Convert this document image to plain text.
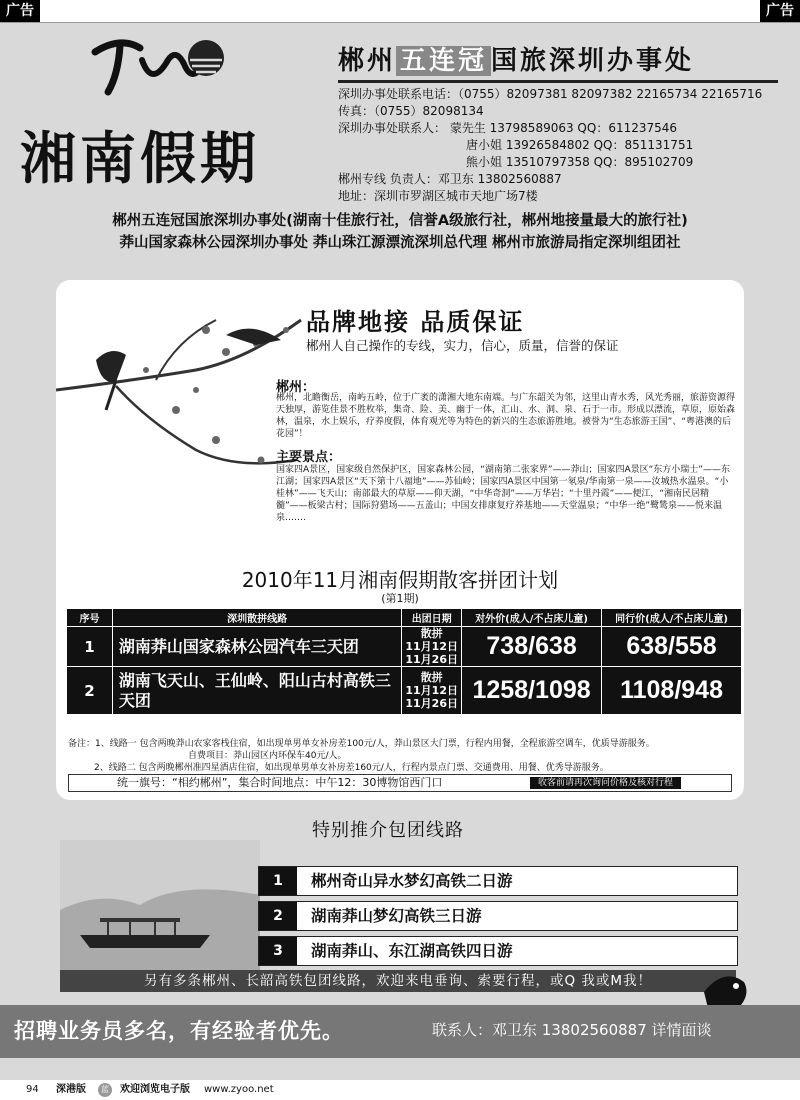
广告	广告
湘南假期
郴州 五连冠 国旅深圳办事处
深圳办事处联系电话：（0755）82097381 82097382 22165734 22165716
传真：（0755）82098134
深圳办事处联系人： 蒙先生 13798589063 QQ：611237546
唐小姐 13926584802 QQ：851131751
熊小姐 13510797358 QQ：895102709
郴州专线 负责人：邓卫东 13802560887
地址：深圳市罗湖区城市天地广场7楼
郴州五连冠国旅深圳办事处(湖南十佳旅行社，信誉A级旅行社，郴州地接量最大的旅行社)
莽山国家森林公园深圳办事处 莽山珠江源漂流深圳总代理 郴州市旅游局指定深圳组团社
品牌地接 品质保证
郴州人自己操作的专线，实力，信心，质量，信誉的保证
郴州：
郴州，北瞻衡岳，南屿五岭，位于广袤的潇湘大地东南端。与广东韶关为邻，这里山青水秀，风光秀丽，旅游资源得天独厚，游览佳景不胜枚举，集奇、险、美、幽于一体，汇山、水、洞、泉、石于一市。形成以漂流，草原，原始森林，温泉，水上娱乐，疗养度假，体育观光等为特色的新兴的生态旅游胜地。被誉为“生态旅游王国”、“粤港澳的后花园”！
主要景点：
国家四A景区，国家级自然保护区，国家森林公园，“湖南第二张家界”——莽山；国家四A景区“东方小瑞士”——东江湖；国家四A景区“天下第十八福地”——苏仙岭；国家四A景区中国第一氡泉/华南第一泉——汝城热水温泉。“小桂林”——飞天山；南部最大的草原——仰天湖，“中华奇洞”——万华岩；“十里丹霞”——便江，“湘南民居精髓”——板梁古村；国际狩猎场——五盖山；中国女排康复疗养基地——天堂温泉；“中华一绝”鹭鸶泉——悦来温泉…….
2010年11月湘南假期散客拼团计划
(第1期)
序号	深圳散拼线路	出团日期	对外价(成人/不占床儿童)	同行价(成人/不占床儿童)
1	湖南莽山国家森林公园汽车三天团	散拼
11月12日
11月26日	738/638	638/558
2	湖南飞天山、王仙岭、阳山古村高铁三天团	散拼
11月12日
11月26日	1258/1098	1108/948
备注：1、线路一 包含两晚莽山农家客栈住宿，如出现单男单女补房差100元/人，莽山景区大门票，行程内用餐，全程旅游空调车，优质导游服务。
自费项目：莽山园区内环保车40元/人。
2、线路二 包含两晚郴州准四星酒店住宿，如出现单男单女补房差160元/人，行程内景点门票、交通费用、用餐、优秀导游服务。
统一旗号：“相约郴州”，集合时间地点：中午12：30博物馆西门口	收客前请再次询问价格及核对行程
特别推介包团线路
1	郴州奇山异水梦幻高铁二日游
2	湖南莽山梦幻高铁三日游
3	湖南莽山、东江湖高铁四日游
另有多条郴州、长韶高铁包团线路，欢迎来电垂询、索要行程，或Q 我或M我！
招聘业务员多名，有经验者优先。	联系人：邓卫东 13802560887 详情面谈
94 深港版	蓝	欢迎浏览电子版 www.zyoo.net
